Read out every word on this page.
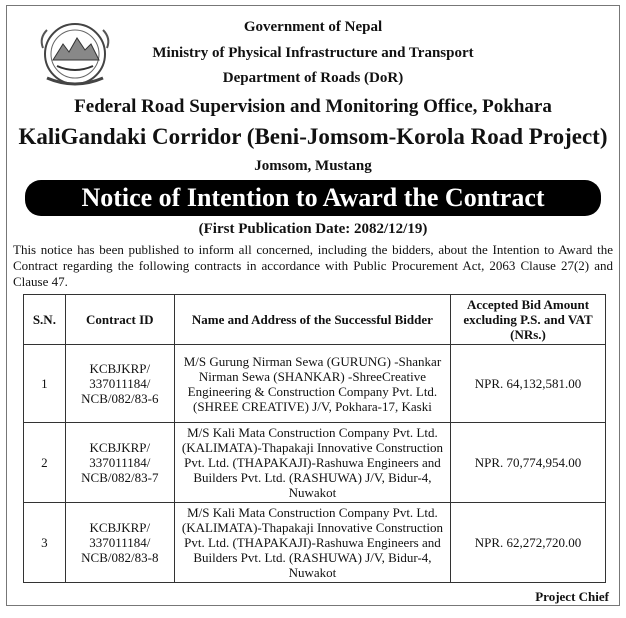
Government of Nepal
Ministry of Physical Infrastructure and Transport
Department of Roads (DoR)
Federal Road Supervision and Monitoring Office, Pokhara
KaliGandaki Corridor (Beni-Jomsom-Korola Road Project)
Jomsom, Mustang
Notice of Intention to Award the Contract
(First Publication Date: 2082/12/19)
This notice has been published to inform all concerned, including the bidders, about the Intention to Award the Contract regarding the following contracts in accordance with Public Procurement Act, 2063 Clause 27(2) and Clause 47.
S.N.	Contract ID	Name and Address of the Successful Bidder	Accepted Bid Amount excluding P.S. and VAT (NRs.)
1	KCBJKRP/ 337011184/ NCB/082/83-6	M/S Gurung Nirman Sewa (GURUNG) -Shankar Nirman Sewa (SHANKAR) -ShreeCreative Engineering & Construction Company Pvt. Ltd. (SHREE CREATIVE) J/V, Pokhara-17, Kaski	NPR. 64,132,581.00
2	KCBJKRP/ 337011184/ NCB/082/83-7	M/S Kali Mata Construction Company Pvt. Ltd. (KALIMATA)-Thapakaji Innovative Construction Pvt. Ltd. (THAPAKAJI)-Rashuwa Engineers and Builders Pvt. Ltd. (RASHUWA) J/V, Bidur-4, Nuwakot	NPR. 70,774,954.00
3	KCBJKRP/ 337011184/ NCB/082/83-8	M/S Kali Mata Construction Company Pvt. Ltd. (KALIMATA)-Thapakaji Innovative Construction Pvt. Ltd. (THAPAKAJI)-Rashuwa Engineers and Builders Pvt. Ltd. (RASHUWA) J/V, Bidur-4, Nuwakot	NPR. 62,272,720.00
Project Chief
